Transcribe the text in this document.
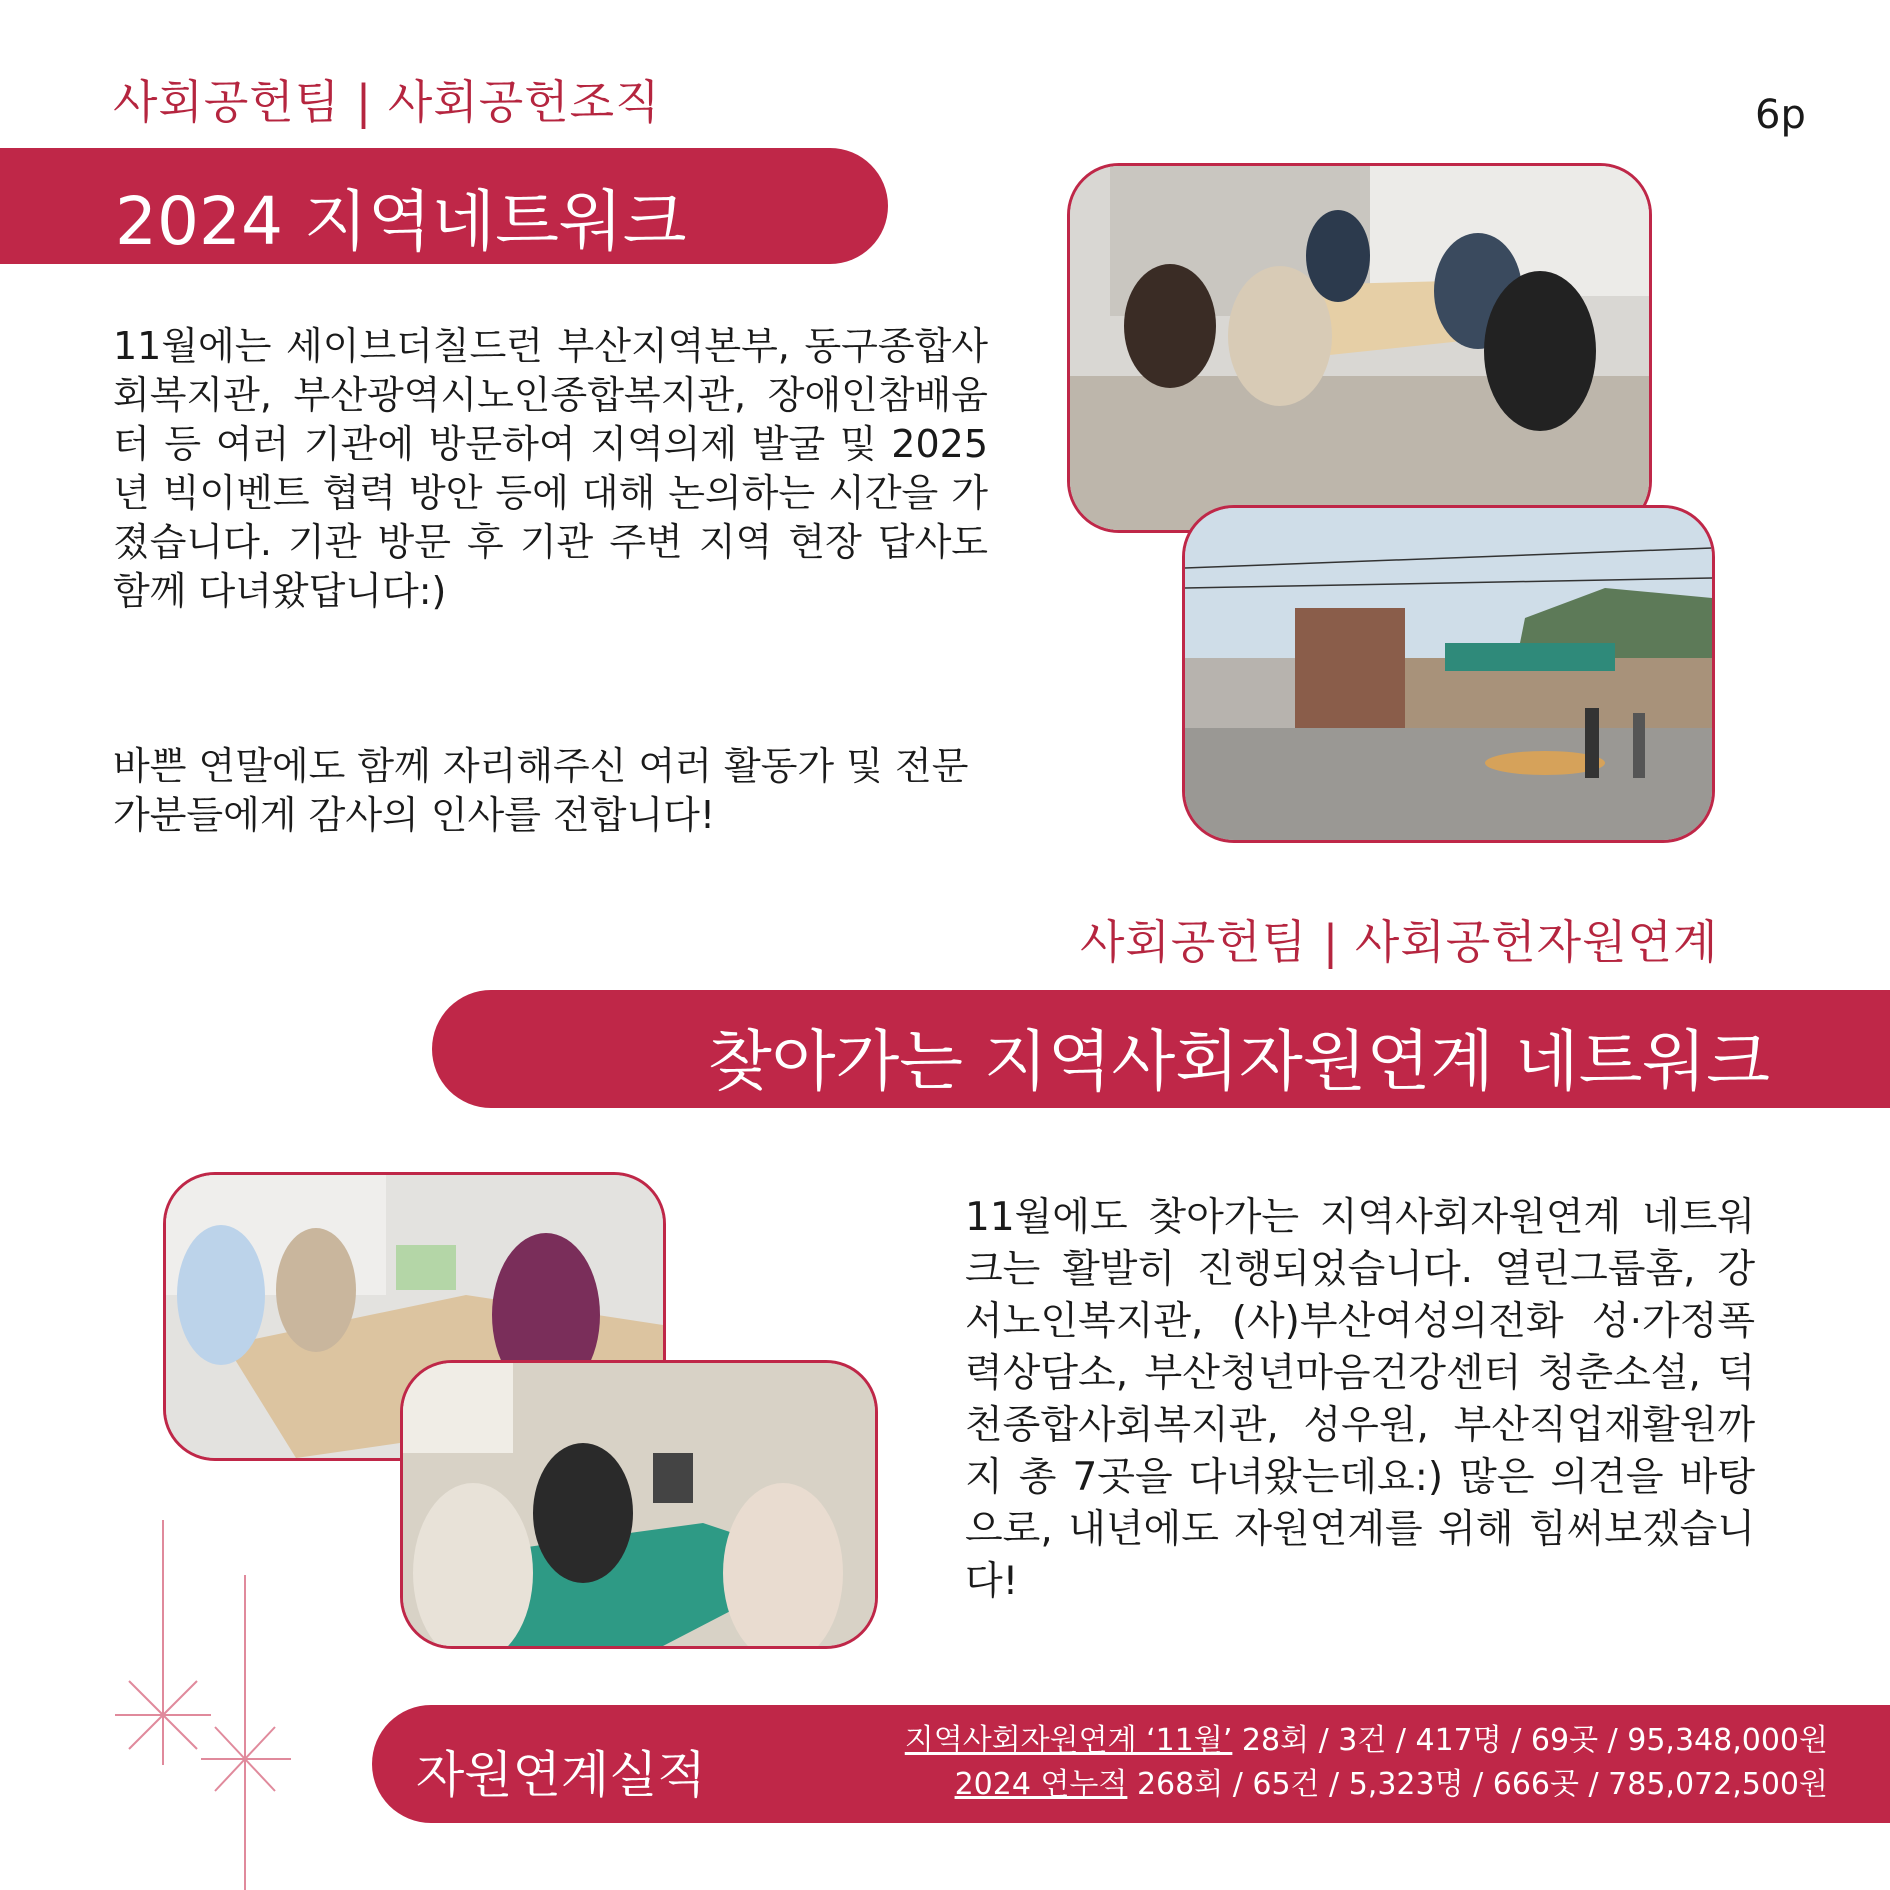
6p
사회공헌팀 | 사회공헌조직
2024 지역네트워크
11월에는 세이브더칠드런 부산지역본부, 동구종합사회복지관, 부산광역시노인종합복지관, 장애인참배움터 등 여러 기관에 방문하여 지역의제 발굴 및 2025년 빅이벤트 협력 방안 등에 대해 논의하는 시간을 가졌습니다. 기관 방문 후 기관 주변 지역 현장 답사도 함께 다녀왔답니다:)
바쁜 연말에도 함께 자리해주신 여러 활동가 및 전문가분들에게 감사의 인사를 전합니다!
사회공헌팀 | 사회공헌자원연계
찾아가는 지역사회자원연계 네트워크
11월에도 찾아가는 지역사회자원연계 네트워크는 활발히 진행되었습니다. 열린그룹홈, 강서노인복지관, (사)부산여성의전화 성·가정폭력상담소, 부산청년마음건강센터 청춘소설, 덕천종합사회복지관, 성우원, 부산직업재활원까지 총 7곳을 다녀왔는데요:) 많은 의견을 바탕으로, 내년에도 자원연계를 위해 힘써보겠습니다!
자원연계실적
지역사회자원연계 ‘11월’ 28회 / 3건 / 417명 / 69곳 / 95,348,000원
2024 연누적 268회 / 65건 / 5,323명 / 666곳 / 785,072,500원
